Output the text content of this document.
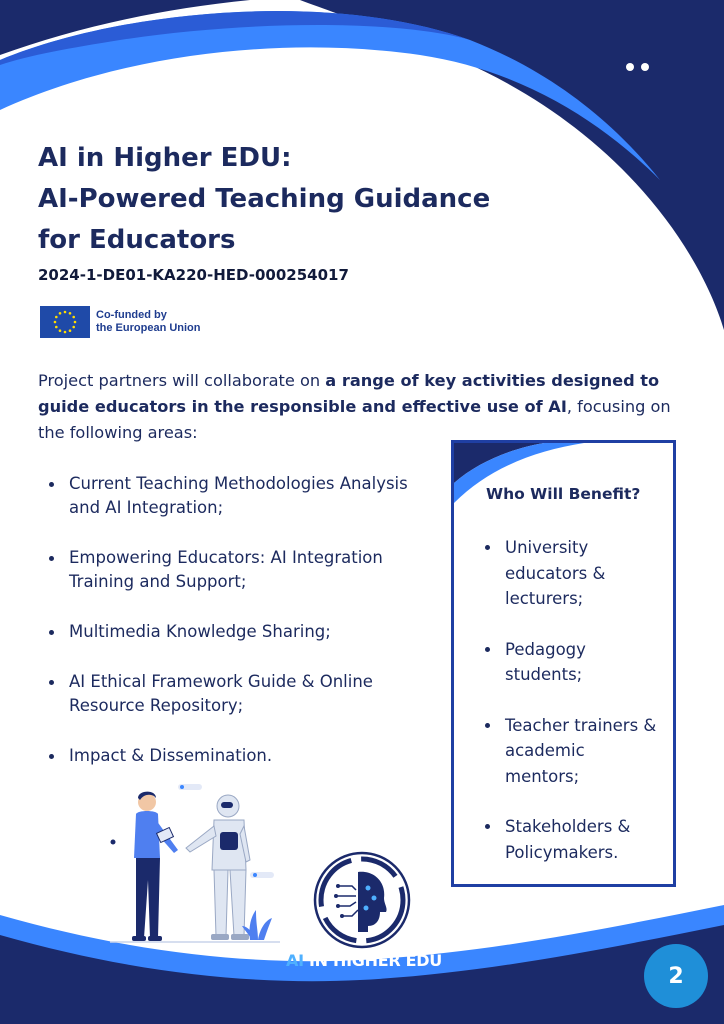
AI in Higher EDU:
AI-Powered Teaching Guidance
for Educators
2024-1-DE01-KA220-HED-000254017
Co-funded by
the European Union

Project partners will collaborate on a range of key activities designed to guide educators in the responsible and effective use of AI, focusing on the following areas:

Current Teaching Methodologies Analysis and AI Integration;
Empowering Educators: AI Integration Training and Support;
Multimedia Knowledge Sharing;
AI Ethical Framework Guide & Online Resource Repository;
Impact & Dissemination.
Who Will Benefit?
University educators & lecturers;
Pedagogy students;
Teacher trainers & academic mentors;
Stakeholders & Policymakers.
AI IN HIGHER EDU
2
